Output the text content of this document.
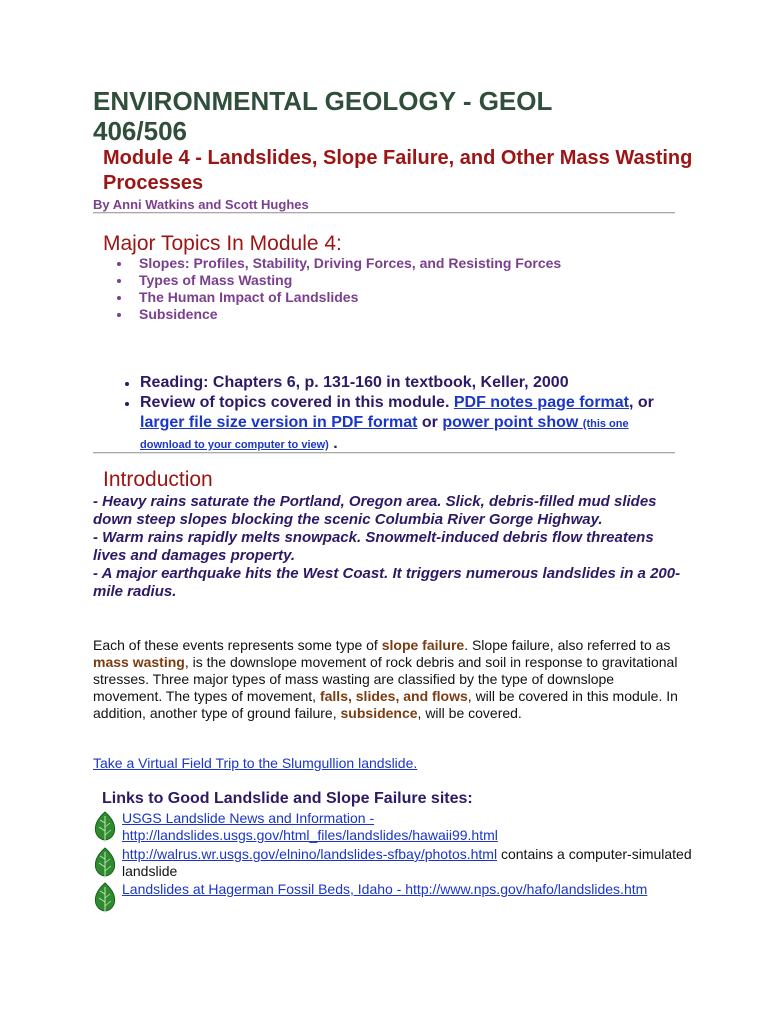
ENVIRONMENTAL GEOLOGY - GEOL 406/506
Module 4 - Landslides, Slope Failure, and Other Mass Wasting Processes
By Anni Watkins and Scott Hughes
Major Topics In Module 4:
Slopes: Profiles, Stability, Driving Forces, and Resisting Forces
Types of Mass Wasting
The Human Impact of Landslides
Subsidence
Reading: Chapters 6, p. 131-160 in textbook, Keller, 2000
Review of topics covered in this module. PDF notes page format, or larger file size version in PDF format or power point show (this one download to your computer to view) .
Introduction
- Heavy rains saturate the Portland, Oregon area. Slick, debris-filled mud slides down steep slopes blocking the scenic Columbia River Gorge Highway.
- Warm rains rapidly melts snowpack. Snowmelt-induced debris flow threatens lives and damages property.
- A major earthquake hits the West Coast. It triggers numerous landslides in a 200-mile radius.
Each of these events represents some type of slope failure. Slope failure, also referred to as mass wasting, is the downslope movement of rock debris and soil in response to gravitational stresses. Three major types of mass wasting are classified by the type of downslope movement. The types of movement, falls, slides, and flows, will be covered in this module. In addition, another type of ground failure, subsidence, will be covered.
Take a Virtual Field Trip to the Slumgullion landslide.
Links to Good Landslide and Slope Failure sites:
USGS Landslide News and Information - http://landslides.usgs.gov/html_files/landslides/hawaii99.html
http://walrus.wr.usgs.gov/elnino/landslides-sfbay/photos.html contains a computer-simulated landslide
Landslides at Hagerman Fossil Beds, Idaho - http://www.nps.gov/hafo/landslides.htm
